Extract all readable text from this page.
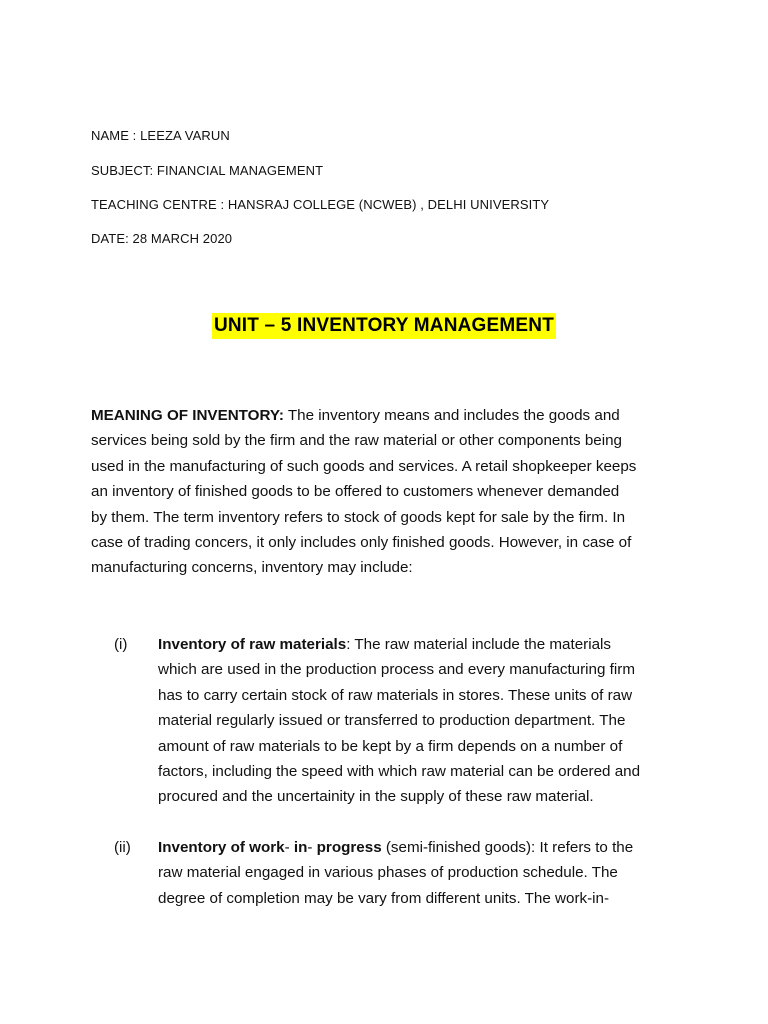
NAME : LEEZA VARUN
SUBJECT: FINANCIAL MANAGEMENT
TEACHING CENTRE : HANSRAJ COLLEGE (NCWEB) , DELHI UNIVERSITY
DATE: 28 MARCH 2020
UNIT – 5 INVENTORY MANAGEMENT
MEANING OF INVENTORY: The inventory means and includes the goods and
services being sold by the firm and the raw material or other components being
used in the manufacturing of such goods and services. A retail shopkeeper keeps
an inventory of finished goods to be offered to customers whenever demanded
by them. The term inventory refers to stock of goods kept for sale by the firm. In
case of trading concers, it only includes only finished goods. However, in case of
manufacturing concerns, inventory may include:
(i) Inventory of raw materials: The raw material include the materials
which are used in the production process and every manufacturing firm
has to carry certain stock of raw materials in stores. These units of raw
material regularly issued or transferred to production department. The
amount of raw materials to be kept by a firm depends on a number of
factors, including the speed with which raw material can be ordered and
procured and the uncertainity in the supply of these raw material.
(ii) Inventory of work- in- progress (semi-finished goods): It refers to the
raw material engaged in various phases of production schedule. The
degree of completion may be vary from different units. The work-in-
